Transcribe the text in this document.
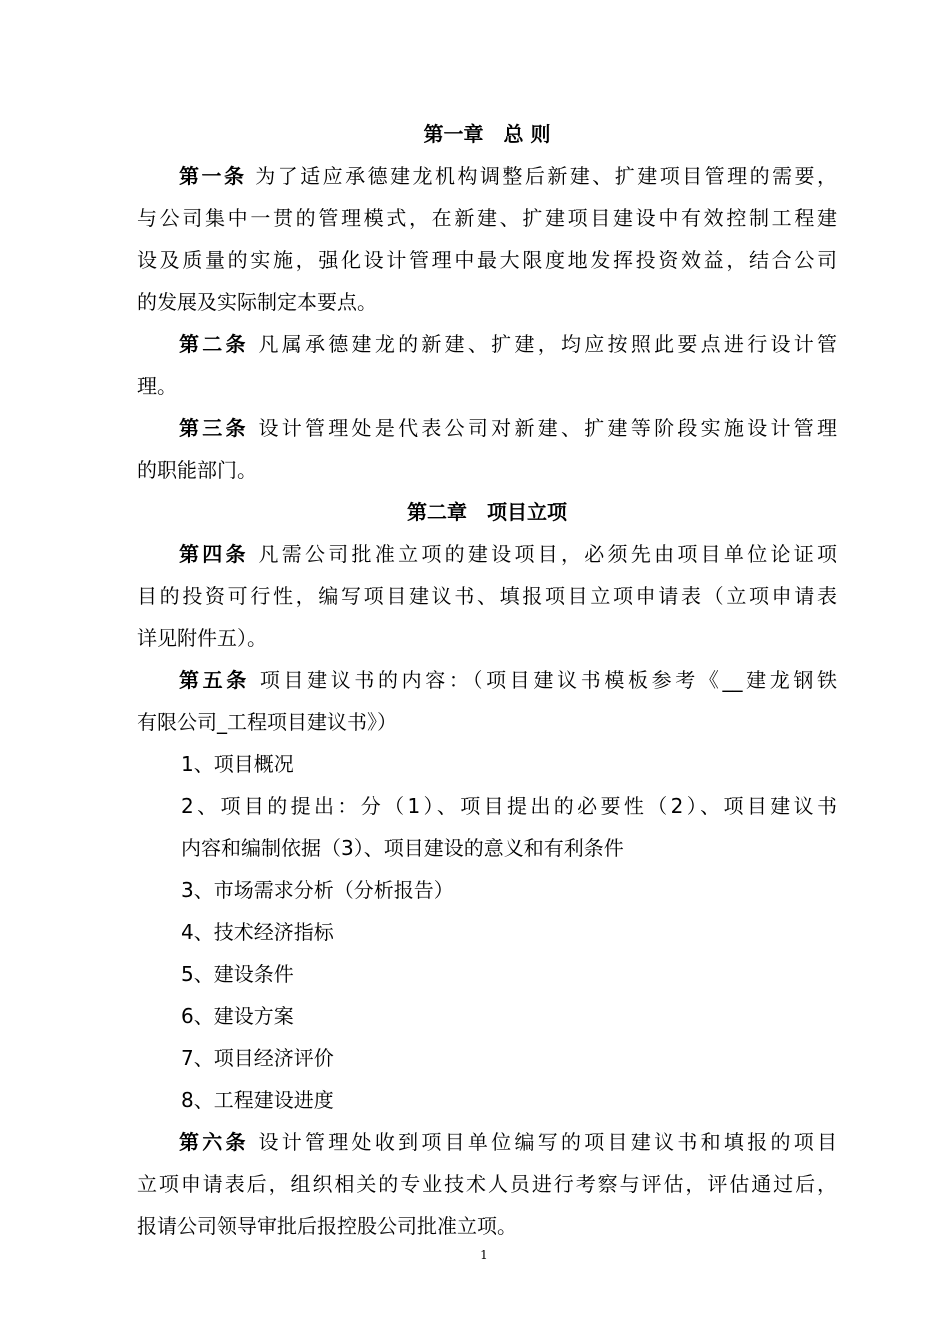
第一章　总 则
第一条 为了适应承德建龙机构调整后新建、扩建项目管理的需要，
与公司集中一贯的管理模式，在新建、扩建项目建设中有效控制工程建
设及质量的实施，强化设计管理中最大限度地发挥投资效益，结合公司
的发展及实际制定本要点。
第二条 凡属承德建龙的新建、扩建，均应按照此要点进行设计管
理。
第三条 设计管理处是代表公司对新建、扩建等阶段实施设计管理
的职能部门。
第二章　项目立项
第四条 凡需公司批准立项的建设项目，必须先由项目单位论证项
目的投资可行性，编写项目建议书、填报项目立项申请表（立项申请表
详见附件五）。
第五条 项目建议书的内容：（项目建议书模板参考《__建龙钢铁
有限公司_工程项目建议书》）
1、项目概况
2、项目的提出：分（1）、项目提出的必要性（2）、项目建议书
内容和编制依据（3）、项目建设的意义和有利条件
3、市场需求分析（分析报告）
4、技术经济指标
5、建设条件
6、建设方案
7、项目经济评价
8、工程建设进度
第六条 设计管理处收到项目单位编写的项目建议书和填报的项目
立项申请表后，组织相关的专业技术人员进行考察与评估，评估通过后，
报请公司领导审批后报控股公司批准立项。
1
